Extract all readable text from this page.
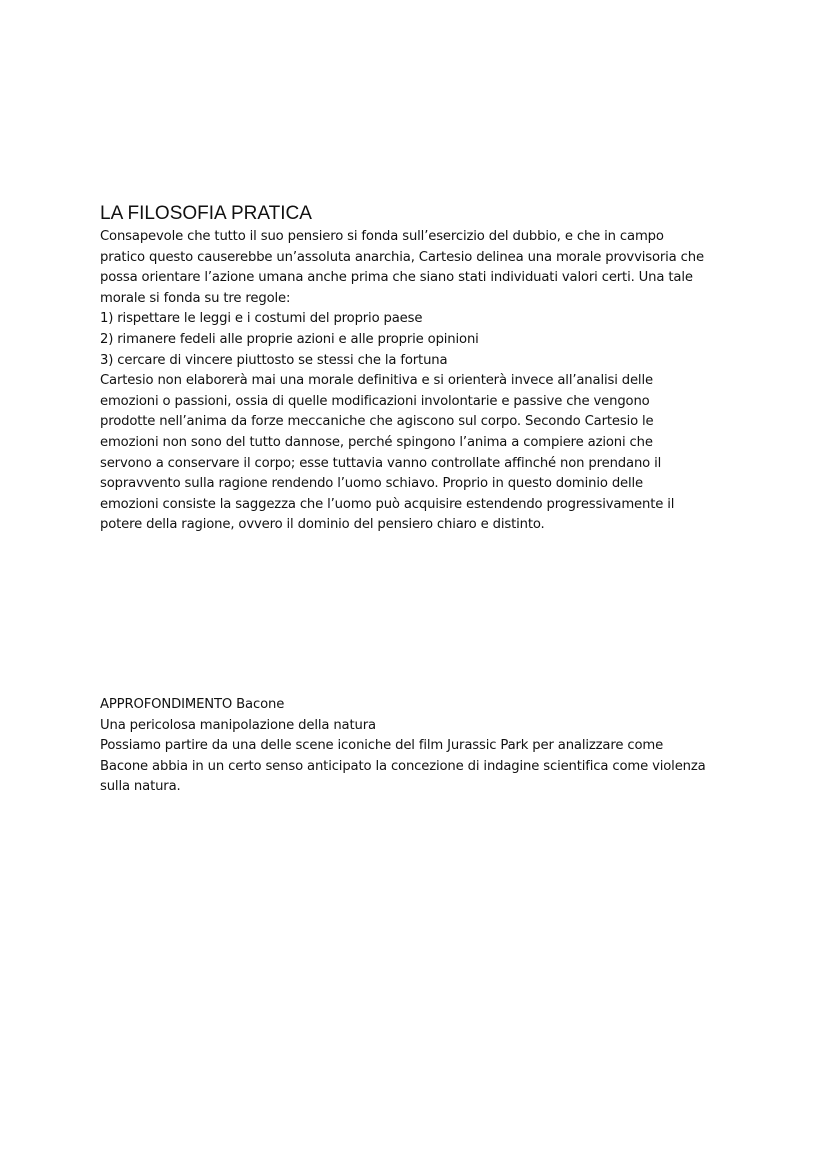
LA FILOSOFIA PRATICA

Consapevole che tutto il suo pensiero si fonda sull’esercizio del dubbio, e che in campo
pratico questo causerebbe un’assoluta anarchia, Cartesio delinea una morale provvisoria che
possa orientare l’azione umana anche prima che siano stati individuati valori certi. Una tale
morale si fonda su tre regole:

1) rispettare le leggi e i costumi del proprio paese
2) rimanere fedeli alle proprie azioni e alle proprie opinioni
3) cercare di vincere piuttosto se stessi che la fortuna

Cartesio non elaborerà mai una morale definitiva e si orienterà invece all’analisi delle
emozioni o passioni, ossia di quelle modificazioni involontarie e passive che vengono
prodotte nell’anima da forze meccaniche che agiscono sul corpo. Secondo Cartesio le
emozioni non sono del tutto dannose, perché spingono l’anima a compiere azioni che
servono a conservare il corpo; esse tuttavia vanno controllate affinché non prendano il
sopravvento sulla ragione rendendo l’uomo schiavo. Proprio in questo dominio delle
emozioni consiste la saggezza che l’uomo può acquisire estendendo progressivamente il
potere della ragione, ovvero il dominio del pensiero chiaro e distinto.

APPROFONDIMENTO Bacone

Una pericolosa manipolazione della natura

Possiamo partire da una delle scene iconiche del film Jurassic Park per analizzare come
Bacone abbia in un certo senso anticipato la concezione di indagine scientifica come violenza
sulla natura.
